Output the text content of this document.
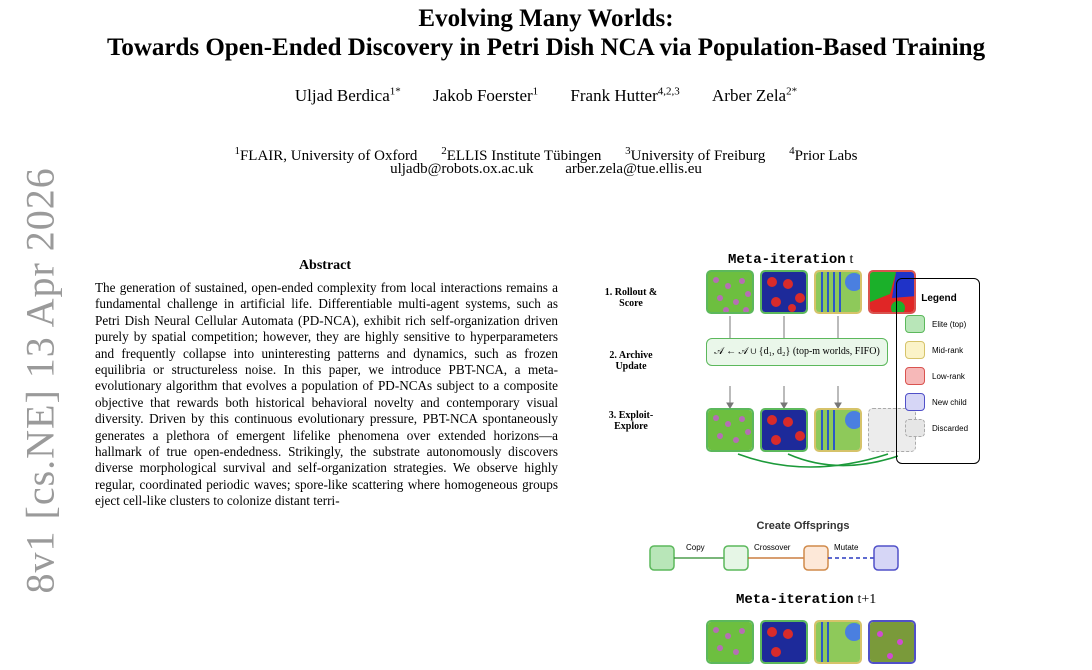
Evolving Many Worlds:
Towards Open-Ended Discovery in Petri Dish NCA via Population-Based Training
Uljad Berdica$^{1*}$ Jakob Foerster$^1$ Frank Hutter$^{4,2,3}$ Arber Zela$^{2*}$
$^1$FLAIR, University of Oxford $^2$ELLIS Institute Tübingen $^3$University of Freiburg $^4$Prior Labs
uljadb@robots.ox.ac.uk arber.zela@tue.ellis.eu
8v1 [cs.NE] 13 Apr 2026	Abstract
The generation of sustained, open-ended complexity from local interactions remains a fundamental challenge in artificial life. Differentiable multi-agent systems, such as Petri Dish Neural Cellular Automata (PD-NCA), exhibit rich self-organization driven purely by spatial competition; however, they are highly sensitive to hyperparameters and frequently collapse into uninteresting patterns and dynamics, such as frozen equilibria or structureless noise. In this paper, we introduce PBT-NCA, a meta-evolutionary algorithm that evolves a population of PD-NCAs subject to a composite objective that rewards both historical behavioral novelty and contemporary visual diversity. Driven by this continuous evolutionary pressure, PBT-NCA spontaneously generates a plethora of emergent lifelike phenomena over extended horizons—a hallmark of true open-endedness. Strikingly, the substrate autonomously discovers diverse morphological survival and self-organization strategies. We observe highly regular, coordinated periodic waves; spore-like scattering where homogeneous groups eject cell-like clusters to colonize distant terri-
Meta-iteration t
1. Rollout & Score
2. Archive Update
3. Exploit-Explore
𝒜 ← 𝒜 ∪ {d₁, d₂} (top-m worlds, FIFO)
Legend
Elite (top)
Mid-rank
Low-rank
New child
Discarded
Create Offsprings
Copy	Crossover	Mutate
Meta-iteration t+1
